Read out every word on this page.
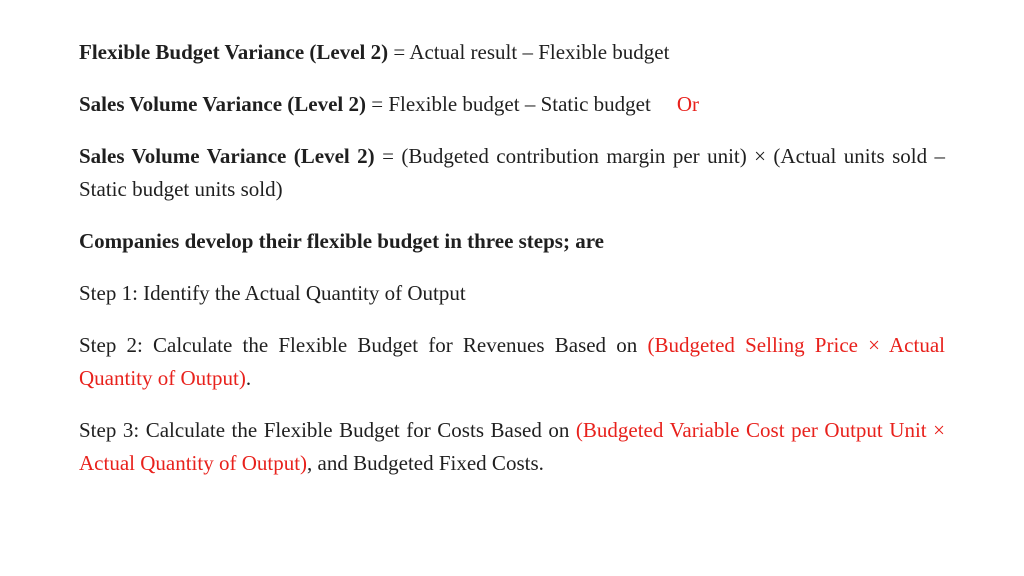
Flexible Budget Variance (Level 2) = Actual result – Flexible budget

Sales Volume Variance (Level 2) = Flexible budget – Static budget Or

Sales Volume Variance (Level 2) = (Budgeted contribution margin per unit) × (Actual units sold – Static budget units sold)

Companies develop their flexible budget in three steps; are

Step 1: Identify the Actual Quantity of Output

Step 2: Calculate the Flexible Budget for Revenues Based on (Budgeted Selling Price × Actual Quantity of Output).

Step 3: Calculate the Flexible Budget for Costs Based on (Budgeted Variable Cost per Output Unit × Actual Quantity of Output), and Budgeted Fixed Costs.
